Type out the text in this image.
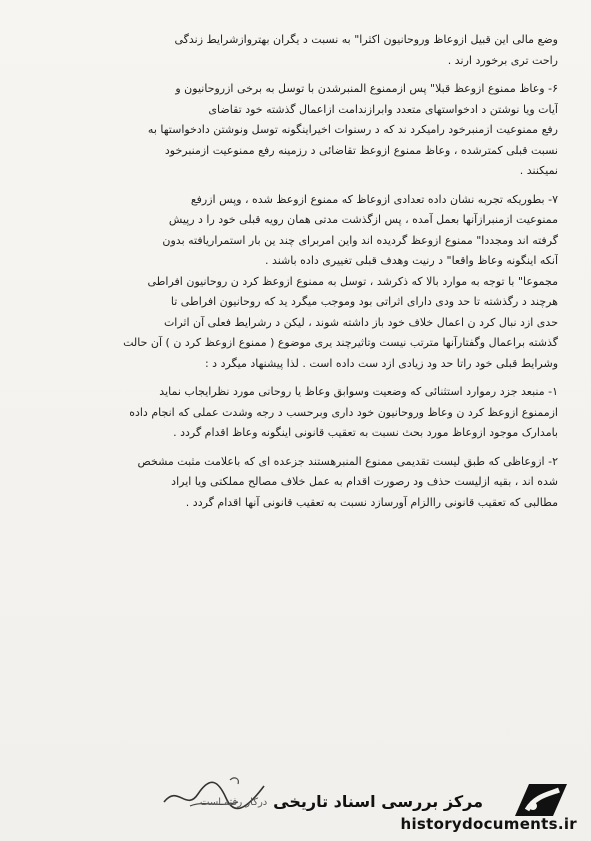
وضع مالی این قبیل ازوعاظ وروحانیون اکثرا" به نسبت د یگران بهتروازشرایط زندگی
راحت تری برخورد ارند .
۶- وعاظ ممنوع ازوعظ قبلا" پس ازممنوع المنبرشدن با توسل به برخی ازروحانیون و
آیات ویا نوشتن د ادخواستهای متعدد وابرازندامت ازاعمال گذشته خود تقاضای
رفع ممنوعیت ازمنبرخود رامیکرد ند که د رسنوات اخیراینگونه توسل ونوشتن دادخواستها به
نسبت قبلی کمترشده ، وعاظ ممنوع ازوعظ تقاضائی د رزمینه رفع ممنوعیت ازمنبرخود
نمیکنند .
۷- بطوریکه تجربه نشان داده تعدادی ازوعاظ که ممنوع ازوعظ شده ، وپس ازرفع
ممنوعیت ازمنبرازآنها بعمل آمده ، پس ازگذشت مدتی همان رویه قبلی خود را د رپیش
گرفته اند ومجددا" ممنوع ازوعظ گردیده اند واین امربرای چند ین بار استمراریافته بدون
آنکه اینگونه وعاظ واقعا" د رنیت وهدف قبلی تغییری داده باشند .
مجموعا" با توجه به موارد بالا که ذکرشد ، توسل به ممنوع ازوعظ کرد ن روحانیون افراطی
هرچند د رگذشته تا حد ودی دارای اثراتی بود وموجب میگرد ید که روحانیون افراطی تا
حدی ازد نبال کرد ن اعمال خلاف خود باز داشته شوند ، لیکن د رشرایط فعلی آن اثرات
گذشته براعمال وگفتارآنها مترتب نیست وتاثیرچند یری موضوع ( ممنوع ازوعظ کرد ن ) آن حالت
وشرایط قبلی خود راتا حد ود زیادی ازد ست داده است . لذا پیشنهاد میگرد د :
۱- منبعد جزد رموارد استثنائی که وضعیت وسوابق وعاظ یا روحانی مورد نظرایجاب نماید
ازممنوع ازوعظ کرد ن وعاظ وروحانیون خود داری وبرحسب د رجه وشدت عملی که انجام داده
بامدارک موجود ازوعاظ مورد بحث نسبت به تعقیب قانونی اینگونه وعاظ اقدام گردد .
۲- ازوعاظی که طبق لیست تقدیمی ممنوع المنبرهستند جزعده ای که باعلامت مثبت مشخص
شده اند ، بقیه ازلیست حذف ود رصورت اقدام به عمل خلاف مصالح مملکتی ویا ایراد
مطالبی که تعقیب قانونی راالزام آورسازد نسبت به تعقیب قانونی آنها اقدام گردد .
درکار رفته است مرکز بررسی اسناد تاریخی
historydocuments.ir
